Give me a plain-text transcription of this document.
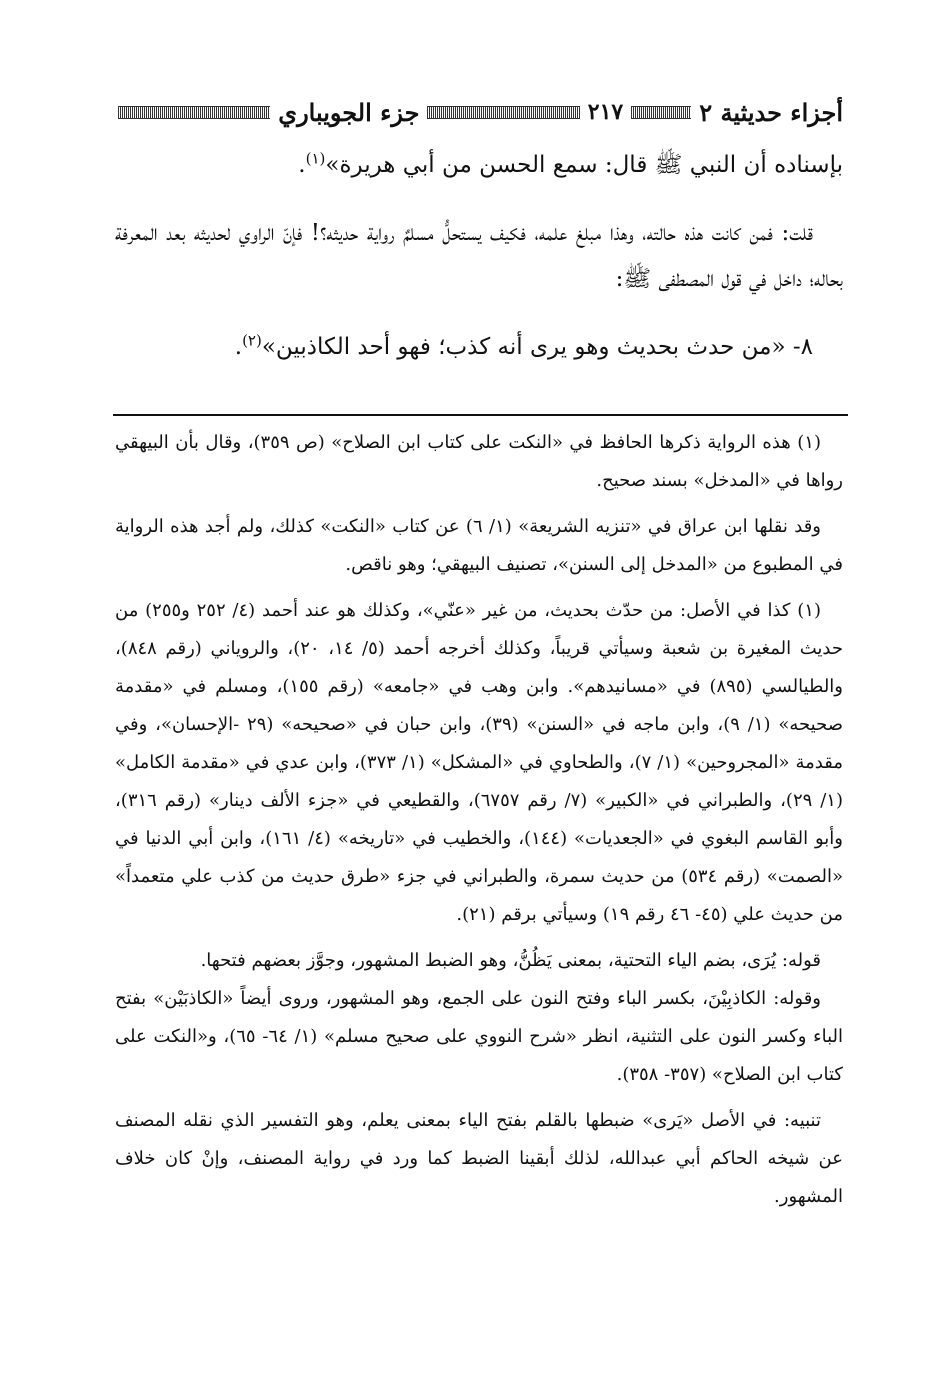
أجزاء حديثية ٢
٢١٧
جزء الجويباري

بإسناده أن النبي ﷺ قال: سمع الحسن من أبي هريرة»$^{(١)}$.

قلت: فمن كانت هذه حالته، وهذا مبلغ علمه، فكيف يستحلُّ مسلمٌ رواية حديثه؟! فإنّ الراوي لحديثه بعد المعرفة بحاله؛ داخل في قول المصطفى ﷺ:

٨- «من حدث بحديث وهو يرى أنه كذب؛ فهو أحد الكاذبين»$^{(٢)}$.

(١) هذه الرواية ذكرها الحافظ في «النكت على كتاب ابن الصلاح» (ص ٣٥٩)، وقال بأن البيهقي رواها في «المدخل» بسند صحيح.

وقد نقلها ابن عراق في «تنزيه الشريعة» (١/ ٦) عن كتاب «النكت» كذلك، ولم أجد هذه الرواية في المطبوع من «المدخل إلى السنن»، تصنيف البيهقي؛ وهو ناقص.

(١) كذا في الأصل: من حدّث بحديث، من غير «عنّي»، وكذلك هو عند أحمد (٤/ ٢٥٢ و٢٥٥) من حديث المغيرة بن شعبة وسيأتي قريباً، وكذلك أخرجه أحمد (٥/ ١٤، ٢٠)، والروياني (رقم ٨٤٨)، والطيالسي (٨٩٥) في «مسانيدهم». وابن وهب في «جامعه» (رقم ١٥٥)، ومسلم في «مقدمة صحيحه» (١/ ٩)، وابن ماجه في «السنن» (٣٩)، وابن حبان في «صحيحه» (٢٩ -الإحسان»، وفي مقدمة «المجروحين» (١/ ٧)، والطحاوي في «المشكل» (١/ ٣٧٣)، وابن عدي في «مقدمة الكامل» (١/ ٢٩)، والطبراني في «الكبير» (٧/ رقم ٦٧٥٧)، والقطيعي في «جزء الألف دينار» (رقم ٣١٦)، وأبو القاسم البغوي في «الجعديات» (١٤٤)، والخطيب في «تاريخه» (٤/ ١٦١)، وابن أبي الدنيا في «الصمت» (رقم ٥٣٤) من حديث سمرة، والطبراني في جزء «طرق حديث من كذب علي متعمداً» من حديث علي (٤٥- ٤٦ رقم ١٩) وسيأتي برقم (٢١).

قوله: يُرَى، بضم الياء التحتية، بمعنى يَظُنُّ، وهو الضبط المشهور، وجوَّز بعضهم فتحها.

وقوله: الكاذبِيْنَ، بكسر الباء وفتح النون على الجمع، وهو المشهور، وروى أيضاً «الكاذبَيْن» بفتح الباء وكسر النون على التثنية، انظر «شرح النووي على صحيح مسلم» (١/ ٦٤- ٦٥)، و«النكت على كتاب ابن الصلاح» (٣٥٧- ٣٥٨).

تنبيه: في الأصل «يَرى» ضبطها بالقلم بفتح الياء بمعنى يعلم، وهو التفسير الذي نقله المصنف عن شيخه الحاكم أبي عبدالله، لذلك أبقينا الضبط كما ورد في رواية المصنف، وإنْ كان خلاف المشهور.
